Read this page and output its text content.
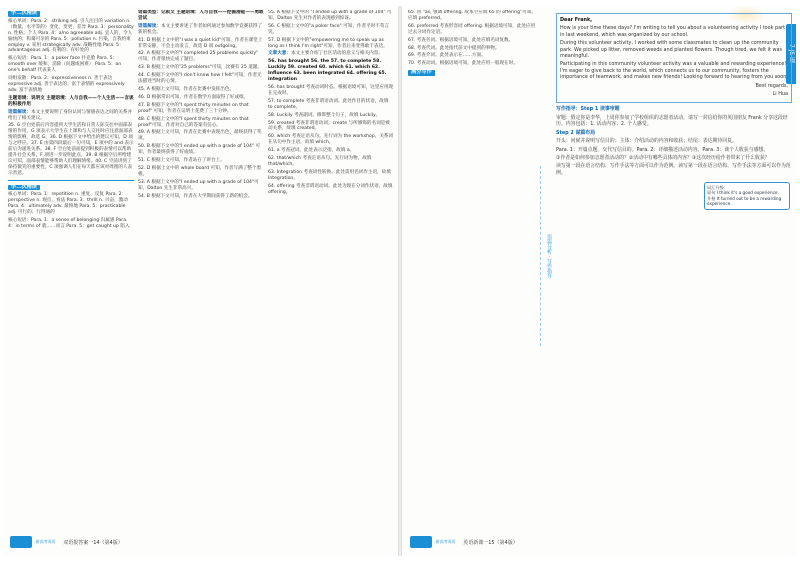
学二次精读

核心单词：Para. 2：striking adj. 引人注目的 variation n. （数量、水平等的）变化，变更，差异 Para. 3：personality n. 性格；个人 Para. 4：a/no agreeable adj. 宜人的，令人愉快的；和蔼可亲的 Para. 5：pollution n. 污染，自我约束 employ v. 采用 strategically adv. 战略性地 Para. 5：advantageous adj. 有利的；有好处的

核心短语：Para. 1：a poker face 扑克脸 Para. 5：smooth over 缓和，消除（问题或困难） Para. 5：on one's behalf 代表某人

词组发散：Para. 2：expressiveness n. 善于表达 expressive adj. 善于表达的；富于表情的 expressively adv. 富于表情地

主题语境：说明文 主题语境：人与自我——个人生活——言谈的积极作用

语篇解读：本文主要说明了身份认同与情感表达之间的关系并给出了相关建议。

35. G 空白处前后内容提到大学生活和日常人际交往中面部表情的作用，G 项表示大学生在上课和与人交往时应注意面部表情的影响，故选 G。36. D 根据下文中给出的建议可知，D 项与之呼应。37. E 由第四段最后一句可知，E 项中的 and 表示前后为递进关系。38. F 空白处前面提到积极的表情可以帮助提升社会关系，F 项进一步说明此点。39. B 根据空后所给建议可知，面部表情能够帮助人们理解情绪。40. C 空前讲到了保持微笑的重要性，C 项强调人们在每天都应该对周围的人表示善意。

学二次精读

核心单词：Para. 1：repetition n. 重复，反复 Para. 2：perspective n. 观点，看法 Para. 3：thrill n. 兴奋，激动 Para. 4：ultimately adv. 最终地 Para. 5：practicable adj. 可行的；行得通的

核心短语：Para. 1：a sense of belonging 归属感 Para. 4：in terms of 就……而言 Para. 5：get caught up 陷入

语篇类型：记叙文 主题语境：人与自我——挖掘潜能——勇敢尝试

语篇解读：本文主要讲述了作者如何通过参加数学竞赛获得了新的机会。

41. D 根据上文中的"I was a quiet kid"可知，作者在课堂上非常安静，不会主动发言，故选 D 项 outgoing。

42. A 根据下文中的"I completed 25 problems quickly" 可知，作者很快完成了题目。

43. B 根据上文中的"25 problems"可知，比赛有 25 道题。

44. C 根据下文中的"I don't know how I felt"可知，作者无法描述当时的心情。

45. A 根据上文可知，作者在比赛中发挥出色。

46. D 根据常识可知，作者在数学方面取得了好成绩。

47. B 根据下文中的"I spent thirty minutes on that proof" 可知，作者在证明上花费了三十分钟。

48. C 根据上文中的"I spent thirty minutes on that proof"可知，作者对自己的答案有信心。

49. A 根据上文可知，作者在比赛中表现出色，最终获得了奖项。

50. B 根据下文中的"I ended up with a grade of 104" 可知，作者最终获得了好成绩。

51. C 根据上文可知，作者站在了讲台上。

52. D 根据上文中的 whole board 可知，作者写满了整个黑板。

53. A 根据上文中的"I ended up with a grade of 104"可知，Dalton 先生非常高兴。

54. B 根据下文可知，作者在大学期间获得了新的机会。

55. A 根据下文中的 "I ended up with a grade of 104" 可知，Dalton 先生对作者的表现感到惊讶。

56. C 根据上文中的"a poker face" 可知，作者平时不苟言笑。

57. D 根据下文中的"empowering me to speak up as long as I think I'm right"可知，作者后来变得敢于表达。

文章大意：本文主要介绍了社区活动的意义与相关内容。

56. has brought 56. the 57. to complete 58. Luckily 59. created 60. which 61. which 62. Influence 63. been integrated 64. offering 65. integration

56. has brought 考查动词时态。根据语境可知，这里应用现在完成时。

57. to complete 考查非谓语动词。此处作目的状语，故填 to complete。

58. Luckily 考查副词。修饰整个句子，故填 Luckily。

59. created 考查非谓语动词。create 与所修饰的名词是被动关系，故填 created。

60. which 考查定语从句。先行词为 the workshop，关系词在从句中作主语，故填 which。

61. a 考查冠词。此处表示泛指，故填 a。

62. that/which 考查定语从句。先行词为物，故填 that/which。

63. Integration 考查词性转换。此处需用名词作主语，故填 Integration。

64. offering 考查非谓语动词。此处为现在分词作状语，故填 offering。

新高考英语 双语报答案一14（第4版）
7 JS 版

65. 由 "as, 强调 offering, 故本空应填 65 的 offering"可知，应填 preferred。

66. preferred 考查形容词 offering. 根据语境可知，此处应用过去分词作定语。

67. 考查名词。根据语境可知，此处应填名词复数。

68. 考查代词。此处指代前文中提到的事物。

69. 考查介词。此处表示在……方面。

70. 考查动词。根据语境可知，此处应用一般现在时。

满分写作
语篇分析 · 写作指导

Dear Frank,

How is your time these days? I'm writing to tell you about a volunteering activity I took part in last weekend, which was organized by our school.

During this volunteer activity, I worked with some classmates to clean up the community park. We picked up litter, removed weeds and planted flowers. Though tired, we felt it was meaningful.

Participating in this community volunteer activity was a valuable and rewarding experience! I'm eager to give back to the world, which connects us to our community, fosters the importance of teamwork, and makes new friends! Looking forward to hearing from you soon.

Best regards,

Li Hua

写作指导：Step 1 读事审题

审题：假定你是李华，上周你参加了学校组织的志愿者活动，请写一封信给你的英国朋友 Frank 分享这段经历。内容包括：1. 活动内容；2. 个人感受。

Step 2 谋篇布局

开头：问候并说明写信目的；主体：介绍活动的内容和收获；结尾：表达期待回复。

Para. 1：开篇点题，交代写信目的。Para. 2：详细描述活动内容。Para. 3：谈个人收获与感想。

①作者是如何参加志愿者活动的？②活动中有哪些具体的内容？③这次经历给作者带来了什么收获？

读写第一段在语言结构、写作手法等方面可以作为范例。读写第一段在语言结构、写作手法等方面可以作为范例。

词汇升级：
原句 I think it's a good experience.
升格 It turned out to be a rewarding experience.
新高考英语 英语新课一15（第4版）
